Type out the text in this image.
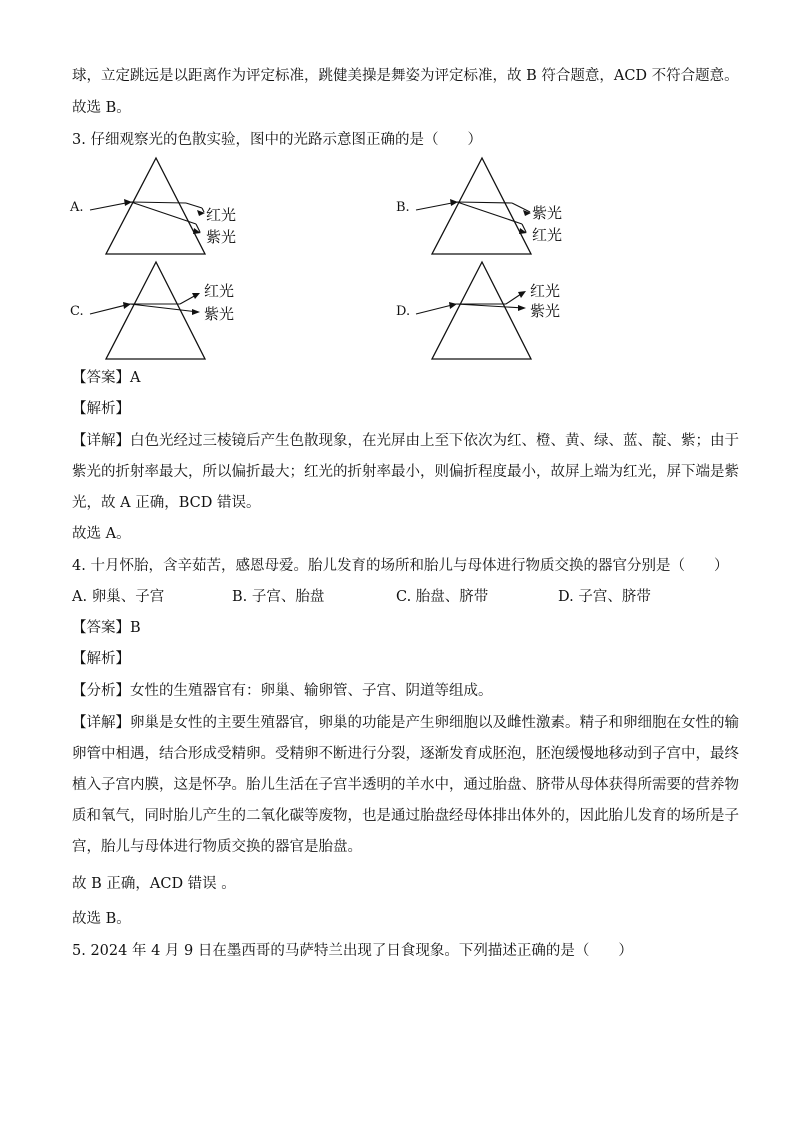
球，立定跳远是以距离作为评定标准，跳健美操是舞姿为评定标准，故 B 符合题意，ACD 不符合题意。
故选 B。
3. 仔细观察光的色散实验，图中的光路示意图正确的是（　　）
A.	红光
紫光
B.	紫光
红光
C.
红光
紫光	D.
红光
紫光
【答案】A
【解析】
【详解】白色光经过三棱镜后产生色散现象，在光屏由上至下依次为红、橙、黄、绿、蓝、靛、紫；由于
紫光的折射率最大，所以偏折最大；红光的折射率最小，则偏折程度最小，故屏上端为红光，屏下端是紫
光，故 A 正确，BCD 错误。
故选 A。
4. 十月怀胎，含辛茹苦，感恩母爱。胎儿发育的场所和胎儿与母体进行物质交换的器官分别是（　　）
A. 卵巢、子宫	B. 子宫、胎盘	C. 胎盘、脐带	D. 子宫、脐带
【答案】B
【解析】
【分析】女性的生殖器官有：卵巢、输卵管、子宫、阴道等组成。
【详解】卵巢是女性的主要生殖器官，卵巢的功能是产生卵细胞以及雌性激素。精子和卵细胞在女性的输
卵管中相遇，结合形成受精卵。受精卵不断进行分裂，逐渐发育成胚泡，胚泡缓慢地移动到子宫中，最终
植入子宫内膜，这是怀孕。胎儿生活在子宫半透明的羊水中，通过胎盘、脐带从母体获得所需要的营养物
质和氧气，同时胎儿产生的二氧化碳等废物，也是通过胎盘经母体排出体外的，因此胎儿发育的场所是子
宫，胎儿与母体进行物质交换的器官是胎盘。
故 B 正确，ACD 错误 。
故选 B。
5. 2024 年 4 月 9 日在墨西哥的马萨特兰出现了日食现象。下列描述正确的是（　　）
